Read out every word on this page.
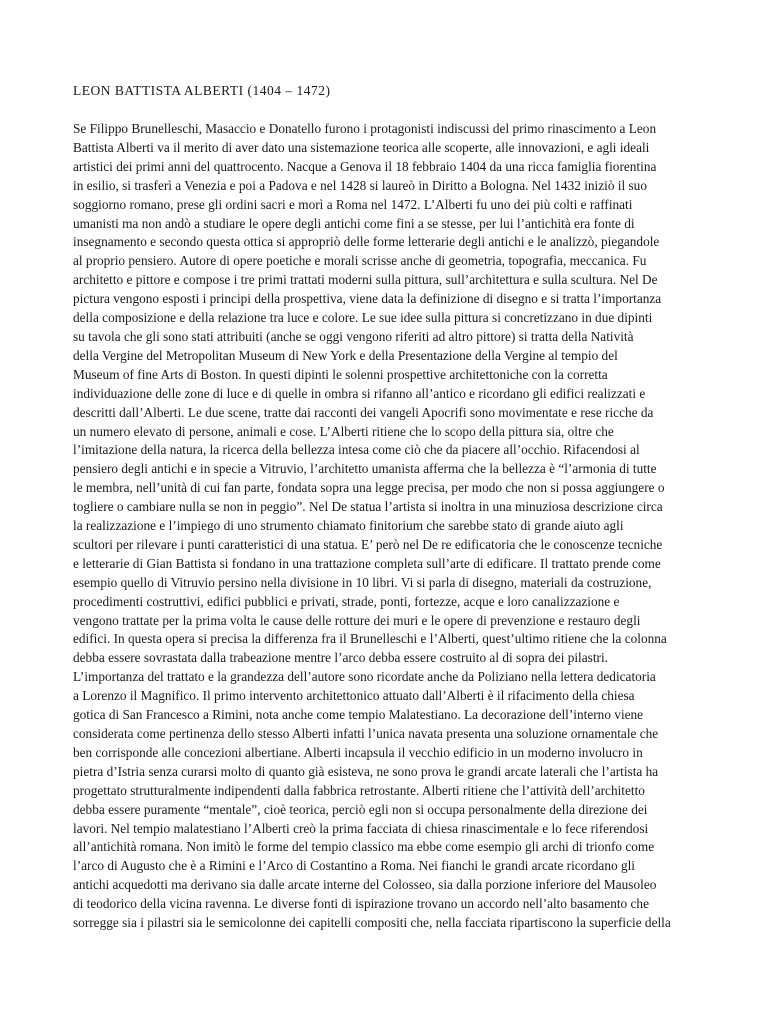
LEON BATTISTA ALBERTI (1404 – 1472)
Se Filippo Brunelleschi, Masaccio e Donatello furono i protagonisti indiscussi del primo rinascimento a Leon
Battista Alberti va il merito di aver dato una sistemazione teorica alle scoperte, alle innovazioni, e agli ideali
artistici dei primi anni del quattrocento. Nacque a Genova il 18 febbraio 1404 da una ricca famiglia fiorentina
in esilio, si trasferì a Venezia e poi a Padova e nel 1428 si laureò in Diritto a Bologna. Nel 1432 iniziò il suo
soggiorno romano, prese gli ordini sacri e morì a Roma nel 1472. L’Alberti fu uno dei più colti e raffinati
umanisti ma non andò a studiare le opere degli antichi come fini a se stesse, per lui l’antichità era fonte di
insegnamento e secondo questa ottica si appropriò delle forme letterarie degli antichi e le analizzò, piegandole
al proprio pensiero. Autore di opere poetiche e morali scrisse anche di geometria, topografia, meccanica. Fu
architetto e pittore e compose i tre primi trattati moderni sulla pittura, sull’architettura e sulla scultura. Nel De
pictura vengono esposti i principi della prospettiva, viene data la definizione di disegno e si tratta l’importanza
della composizione e della relazione tra luce e colore. Le sue idee sulla pittura si concretizzano in due dipinti
su tavola che gli sono stati attribuiti (anche se oggi vengono riferiti ad altro pittore) si tratta della Natività
della Vergine del Metropolitan Museum di New York e della Presentazione della Vergine al tempio del
Museum of fine Arts di Boston. In questi dipinti le solenni prospettive architettoniche con la corretta
individuazione delle zone di luce e di quelle in ombra si rifanno all’antico e ricordano gli edifici realizzati e
descritti dall’Alberti. Le due scene, tratte dai racconti dei vangeli Apocrifi sono movimentate e rese ricche da
un numero elevato di persone, animali e cose. L’Alberti ritiene che lo scopo della pittura sia, oltre che
l’imitazione della natura, la ricerca della bellezza intesa come ciò che da piacere all’occhio. Rifacendosi al
pensiero degli antichi e in specie a Vitruvio, l’architetto umanista afferma che la bellezza è “l’armonia di tutte
le membra, nell’unità di cui fan parte, fondata sopra una legge precisa, per modo che non si possa aggiungere o
togliere o cambiare nulla se non in peggio”. Nel De statua l’artista si inoltra in una minuziosa descrizione circa
la realizzazione e l’impiego di uno strumento chiamato finitorium che sarebbe stato di grande aiuto agli
scultori per rilevare i punti caratteristici di una statua. E’ però nel De re edificatoria che le conoscenze tecniche
e letterarie di Gian Battista si fondano in una trattazione completa sull’arte di edificare. Il trattato prende come
esempio quello di Vitruvio persino nella divisione in 10 libri. Vi si parla di disegno, materiali da costruzione,
procedimenti costruttivi, edifici pubblici e privati, strade, ponti, fortezze, acque e loro canalizzazione e
vengono trattate per la prima volta le cause delle rotture dei muri e le opere di prevenzione e restauro degli
edifici. In questa opera si precisa la differenza fra il Brunelleschi e l’Alberti, quest’ultimo ritiene che la colonna
debba essere sovrastata dalla trabeazione mentre l’arco debba essere costruito al di sopra dei pilastri.
L’importanza del trattato e la grandezza dell’autore sono ricordate anche da Poliziano nella lettera dedicatoria
a Lorenzo il Magnifico. Il primo intervento architettonico attuato dall’Alberti è il rifacimento della chiesa
gotica di San Francesco a Rimini, nota anche come tempio Malatestiano. La decorazione dell’interno viene
considerata come pertinenza dello stesso Alberti infatti l’unica navata presenta una soluzione ornamentale che
ben corrisponde alle concezioni albertiane. Alberti incapsula il vecchio edificio in un moderno involucro in
pietra d’Istria senza curarsi molto di quanto già esisteva, ne sono prova le grandi arcate laterali che l’artista ha
progettato strutturalmente indipendenti dalla fabbrica retrostante. Alberti ritiene che l’attività dell’architetto
debba essere puramente “mentale”, cioè teorica, perciò egli non si occupa personalmente della direzione dei
lavori. Nel tempio malatestiano l’Alberti creò la prima facciata di chiesa rinascimentale e lo fece riferendosi
all’antichità romana. Non imitò le forme del tempio classico ma ebbe come esempio gli archi di trionfo come
l’arco di Augusto che è a Rimini e l’Arco di Costantino a Roma. Nei fianchi le grandi arcate ricordano gli
antichi acquedotti ma derivano sia dalle arcate interne del Colosseo, sia dalla porzione inferiore del Mausoleo
di teodorico della vicina ravenna. Le diverse fonti di ispirazione trovano un accordo nell’alto basamento che
sorregge sia i pilastri sia le semicolonne dei capitelli compositi che, nella facciata ripartiscono la superficie della
